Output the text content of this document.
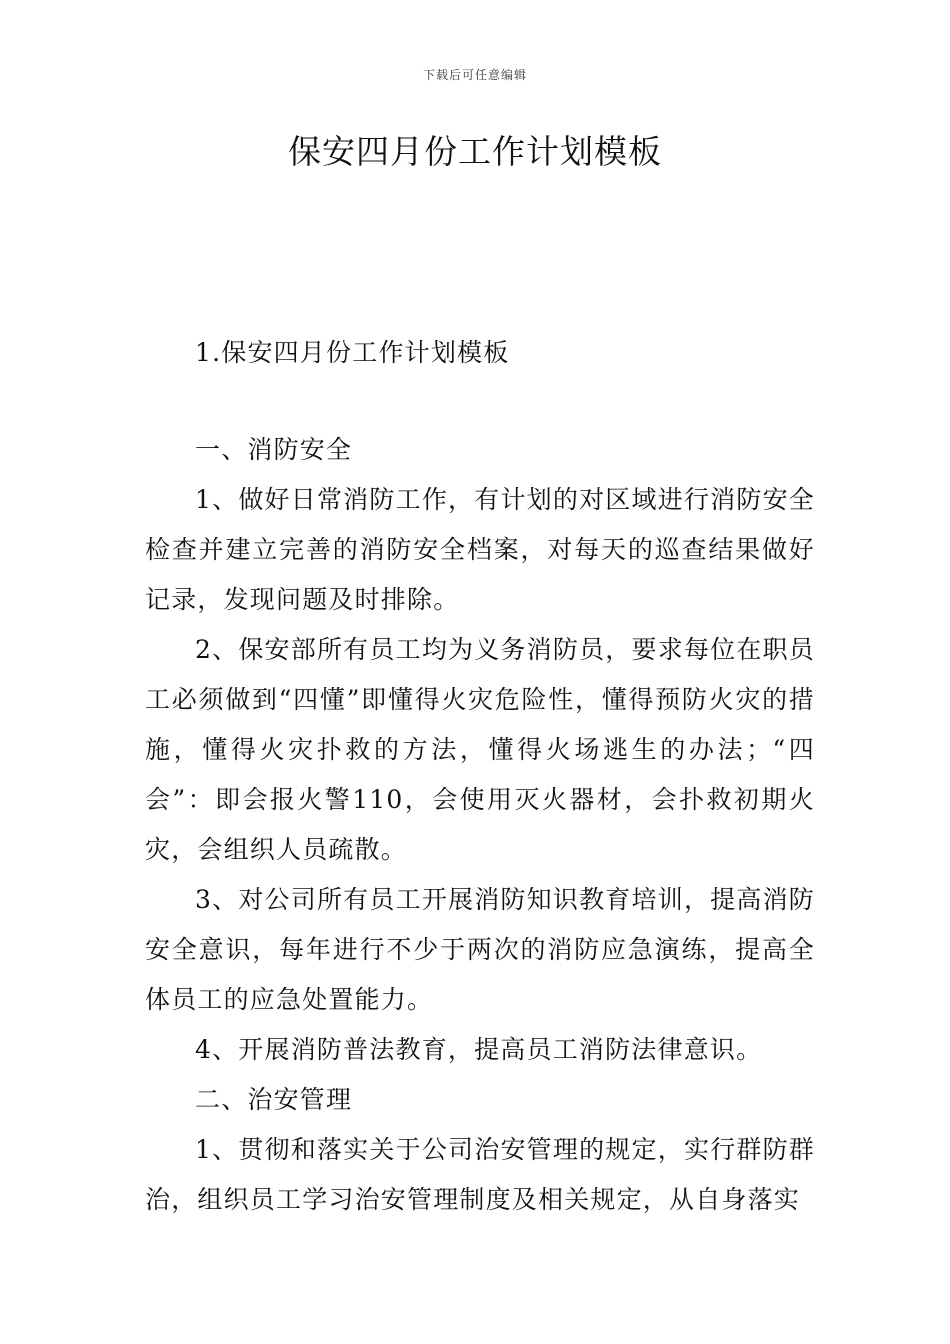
下载后可任意编辑
保安四月份工作计划模板

1.保安四月份工作计划模板

一、消防安全

1、做好日常消防工作，有计划的对区域进行消防安全检查并建立完善的消防安全档案，对每天的巡查结果做好记录，发现问题及时排除。

2、保安部所有员工均为义务消防员，要求每位在职员工必须做到“四懂”即懂得火灾危险性，懂得预防火灾的措施，懂得火灾扑救的方法，懂得火场逃生的办法；“四会”：即会报火警110，会使用灭火器材，会扑救初期火灾，会组织人员疏散。

3、对公司所有员工开展消防知识教育培训，提高消防安全意识，每年进行不少于两次的消防应急演练，提高全体员工的应急处置能力。

4、开展消防普法教育，提高员工消防法律意识。

二、治安管理

1、贯彻和落实关于公司治安管理的规定，实行群防群治，组织员工学习治安管理制度及相关规定，从自身落实
